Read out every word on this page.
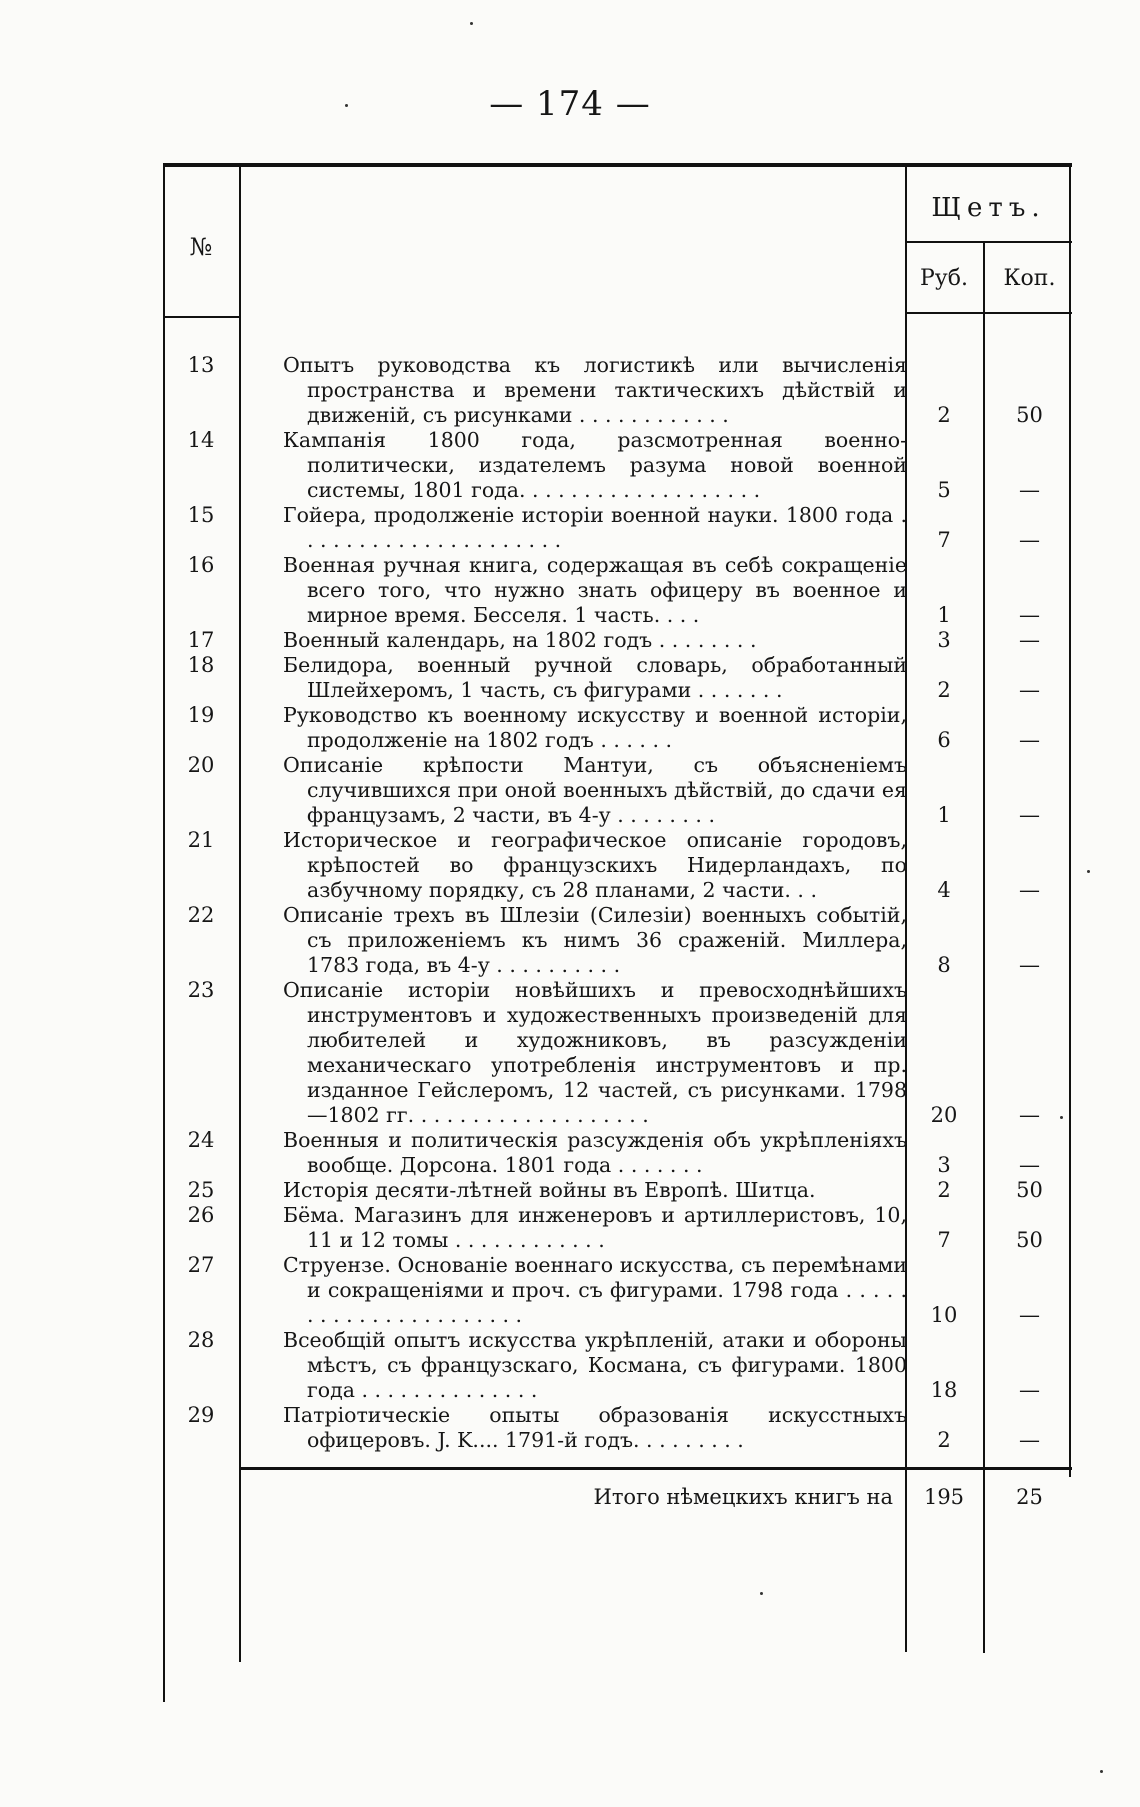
— 174 —
№
Щетъ.
Руб.	Коп.
13	Опытъ руководства къ логистикѣ или вычисленія пространства и времени тактическихъ дѣйствій и движеній, съ рисунками . . . . . . . . . . . .	2	50
14	Кампанія 1800 года, разсмотренная военно-политически, издателемъ разума новой военной системы, 1801 года. . . . . . . . . . . . . . . . . . .	5	—
15	Гойера, продолженіе исторіи военной науки. 1800 года . . . . . . . . . . . . . . . . . . . . .	7	—
16	Военная ручная книга, содержащая въ себѣ сокращеніе всего того, что нужно знать офицеру въ военное и мирное время. Бесселя. 1 часть. . . .	1	—
17	Военный календарь, на 1802 годъ . . . . . . . .	3	—
18	Белидора, военный ручной словарь, обработанный Шлейхеромъ, 1 часть, съ фигурами . . . . . . .	2	—
19	Руководство къ военному искусству и военной исторіи, продолженіе на 1802 годъ . . . . . .	6	—
20	Описаніе крѣпости Мантуи, съ объясненіемъ случившихся при оной военныхъ дѣйствій, до сдачи ея французамъ, 2 части, въ 4-у . . . . . . . .	1	—
21	Историческое и географическое описаніе городовъ, крѣпостей во французскихъ Нидерландахъ, по азбучному порядку, съ 28 планами, 2 части. . .	4	—
22	Описаніе трехъ въ Шлезіи (Силезіи) военныхъ событій, съ приложеніемъ къ нимъ 36 сраженій. Миллера, 1783 года, въ 4-у . . . . . . . . . .	8	—
23	Описаніе исторіи новѣйшихъ и превосходнѣйшихъ инструментовъ и художественныхъ произведеній для любителей и художниковъ, въ разсужденіи механическаго употребленія инструментовъ и пр. изданное Гейслеромъ, 12 частей, съ рисунками. 1798—1802 гг. . . . . . . . . . . . . . . . . . .	20	—
24	Военныя и политическія разсужденія объ укрѣпленіяхъ вообще. Дорсона. 1801 года . . . . . . .	3	—
25	Исторія десяти-лѣтней войны въ Европѣ. Шитца.	2	50
26	Бёма. Магазинъ для инженеровъ и артиллеристовъ, 10, 11 и 12 томы . . . . . . . . . . . .	7	50
27	Струензе. Основаніе военнаго искусства, съ перемѣнами и сокращеніями и проч. съ фигурами. 1798 года . . . . . . . . . . . . . . . . . . . . . .	10	—
28	Всеобщій опытъ искусства укрѣпленій, атаки и обороны мѣстъ, съ французскаго, Космана, съ фигурами. 1800 года . . . . . . . . . . . . . .	18	—
29	Патріотическіе опыты образованія искусстныхъ офицеровъ. J. K.... 1791-й годъ. . . . . . . . .	2	—
Итого нѣмецкихъ книгъ на	195	25
